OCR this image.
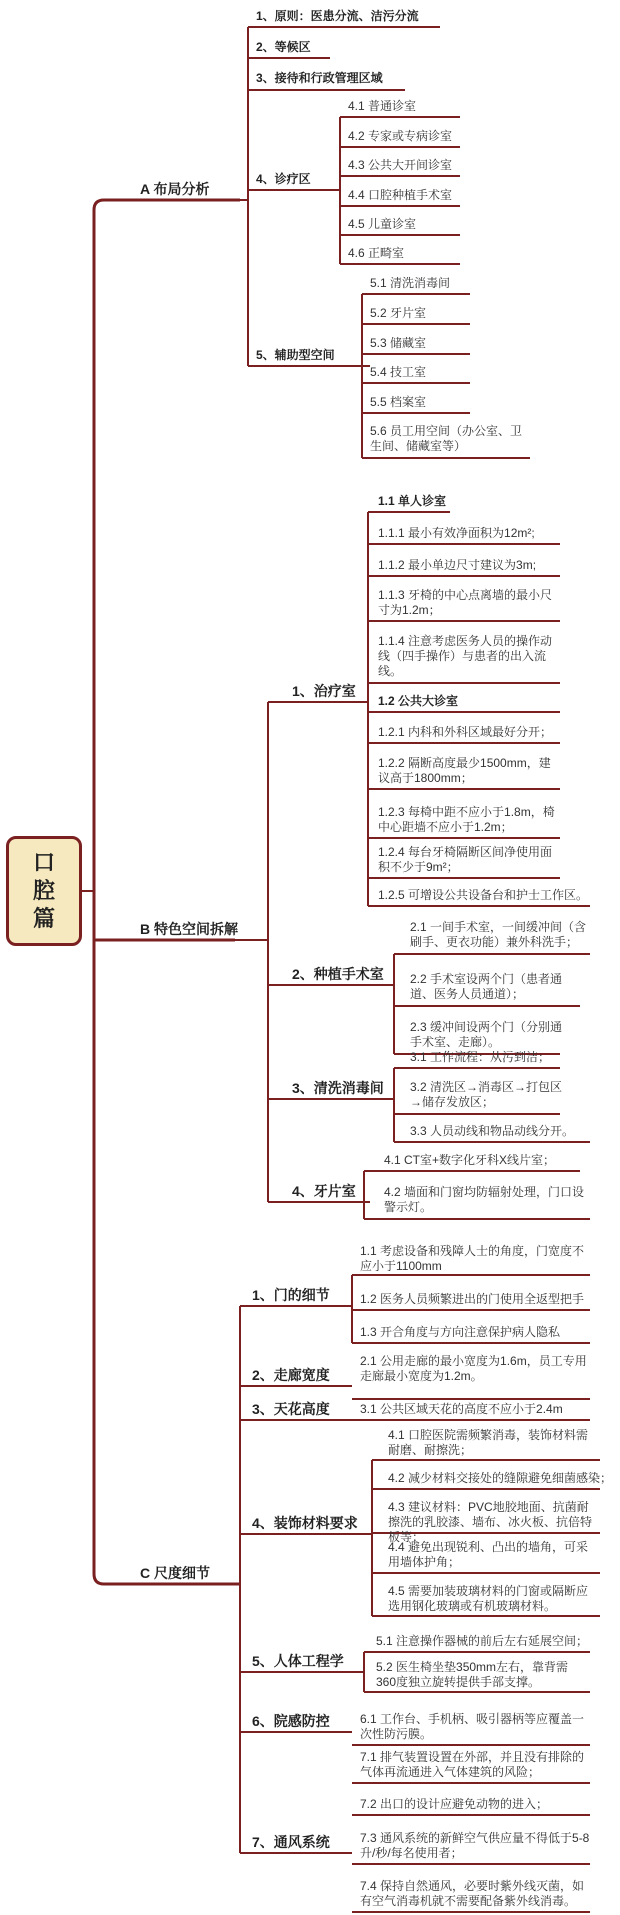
口
腔
篇
A 布局分析
1、原则：医患分流、洁污分流
2、等候区
3、接待和行政管理区域
4、诊疗区
5、辅助型空间
4.1 普通诊室
4.2 专家或专病诊室
4.3 公共大开间诊室
4.4 口腔种植手术室
4.5 儿童诊室
4.6 正畸室
5.1 清洗消毒间
5.2 牙片室
5.3 储藏室
5.4 技工室
5.5 档案室
5.6 员工用空间（办公室、卫生间、储藏室等）
B 特色空间拆解
1、治疗室
2、种植手术室
3、清洗消毒间
4、牙片室
1.1 单人诊室
1.1.1 最小有效净面积为12m²;
1.1.2 最小单边尺寸建议为3m;
1.1.3 牙椅的中心点离墙的最小尺寸为1.2m；
1.1.4 注意考虑医务人员的操作动线（四手操作）与患者的出入流线。
1.2 公共大诊室
1.2.1 内科和外科区域最好分开；
1.2.2 隔断高度最少1500mm，建议高于1800mm；
1.2.3 每椅中距不应小于1.8m，椅中心距墙不应小于1.2m；
1.2.4 每台牙椅隔断区间净使用面积不少于9m²；
1.2.5 可增设公共设备台和护士工作区。
2.1 一间手术室，一间缓冲间（含刷手、更衣功能）兼外科洗手；
2.2 手术室设两个门（患者通道、医务人员通道）；
2.3 缓冲间设两个门（分别通手术室、走廊）。
3.1 工作流程：从污到洁；
3.2 清洗区→消毒区→打包区→储存发放区；
3.3 人员动线和物品动线分开。
4.1 CT室+数字化牙科X线片室；
4.2 墙面和门窗均防辐射处理，门口设警示灯。
C 尺度细节
1、门的细节
2、走廊宽度
3、天花高度
4、装饰材料要求
5、人体工程学
6、院感防控
7、通风系统
1.1 考虑设备和残障人士的角度，门宽度不应小于1100mm
1.2 医务人员频繁进出的门使用全返型把手
1.3 开合角度与方向注意保护病人隐私
2.1 公用走廊的最小宽度为1.6m，员工专用走廊最小宽度为1.2m。
3.1 公共区域天花的高度不应小于2.4m
4.1 口腔医院需频繁消毒，装饰材料需耐磨、耐擦洗；
4.2 减少材料交接处的缝隙避免细菌感染；
4.3 建议材料：PVC地胶地面、抗菌耐擦洗的乳胶漆、墙布、冰火板、抗倍特板等；
4.4 避免出现锐利、凸出的墙角，可采用墙体护角；
4.5 需要加装玻璃材料的门窗或隔断应选用钢化玻璃或有机玻璃材料。
5.1 注意操作器械的前后左右延展空间；
5.2 医生椅坐垫350mm左右，靠背需360度独立旋转提供手部支撑。
6.1 工作台、手机柄、吸引器柄等应覆盖一次性防污膜。
7.1 排气装置设置在外部，并且没有排除的气体再流通进入气体建筑的风险；
7.2 出口的设计应避免动物的进入；
7.3 通风系统的新鲜空气供应量不得低于5-8升/秒/每名使用者；
7.4 保持自然通风，必要时紫外线灭菌，如有空气消毒机就不需要配备紫外线消毒。
